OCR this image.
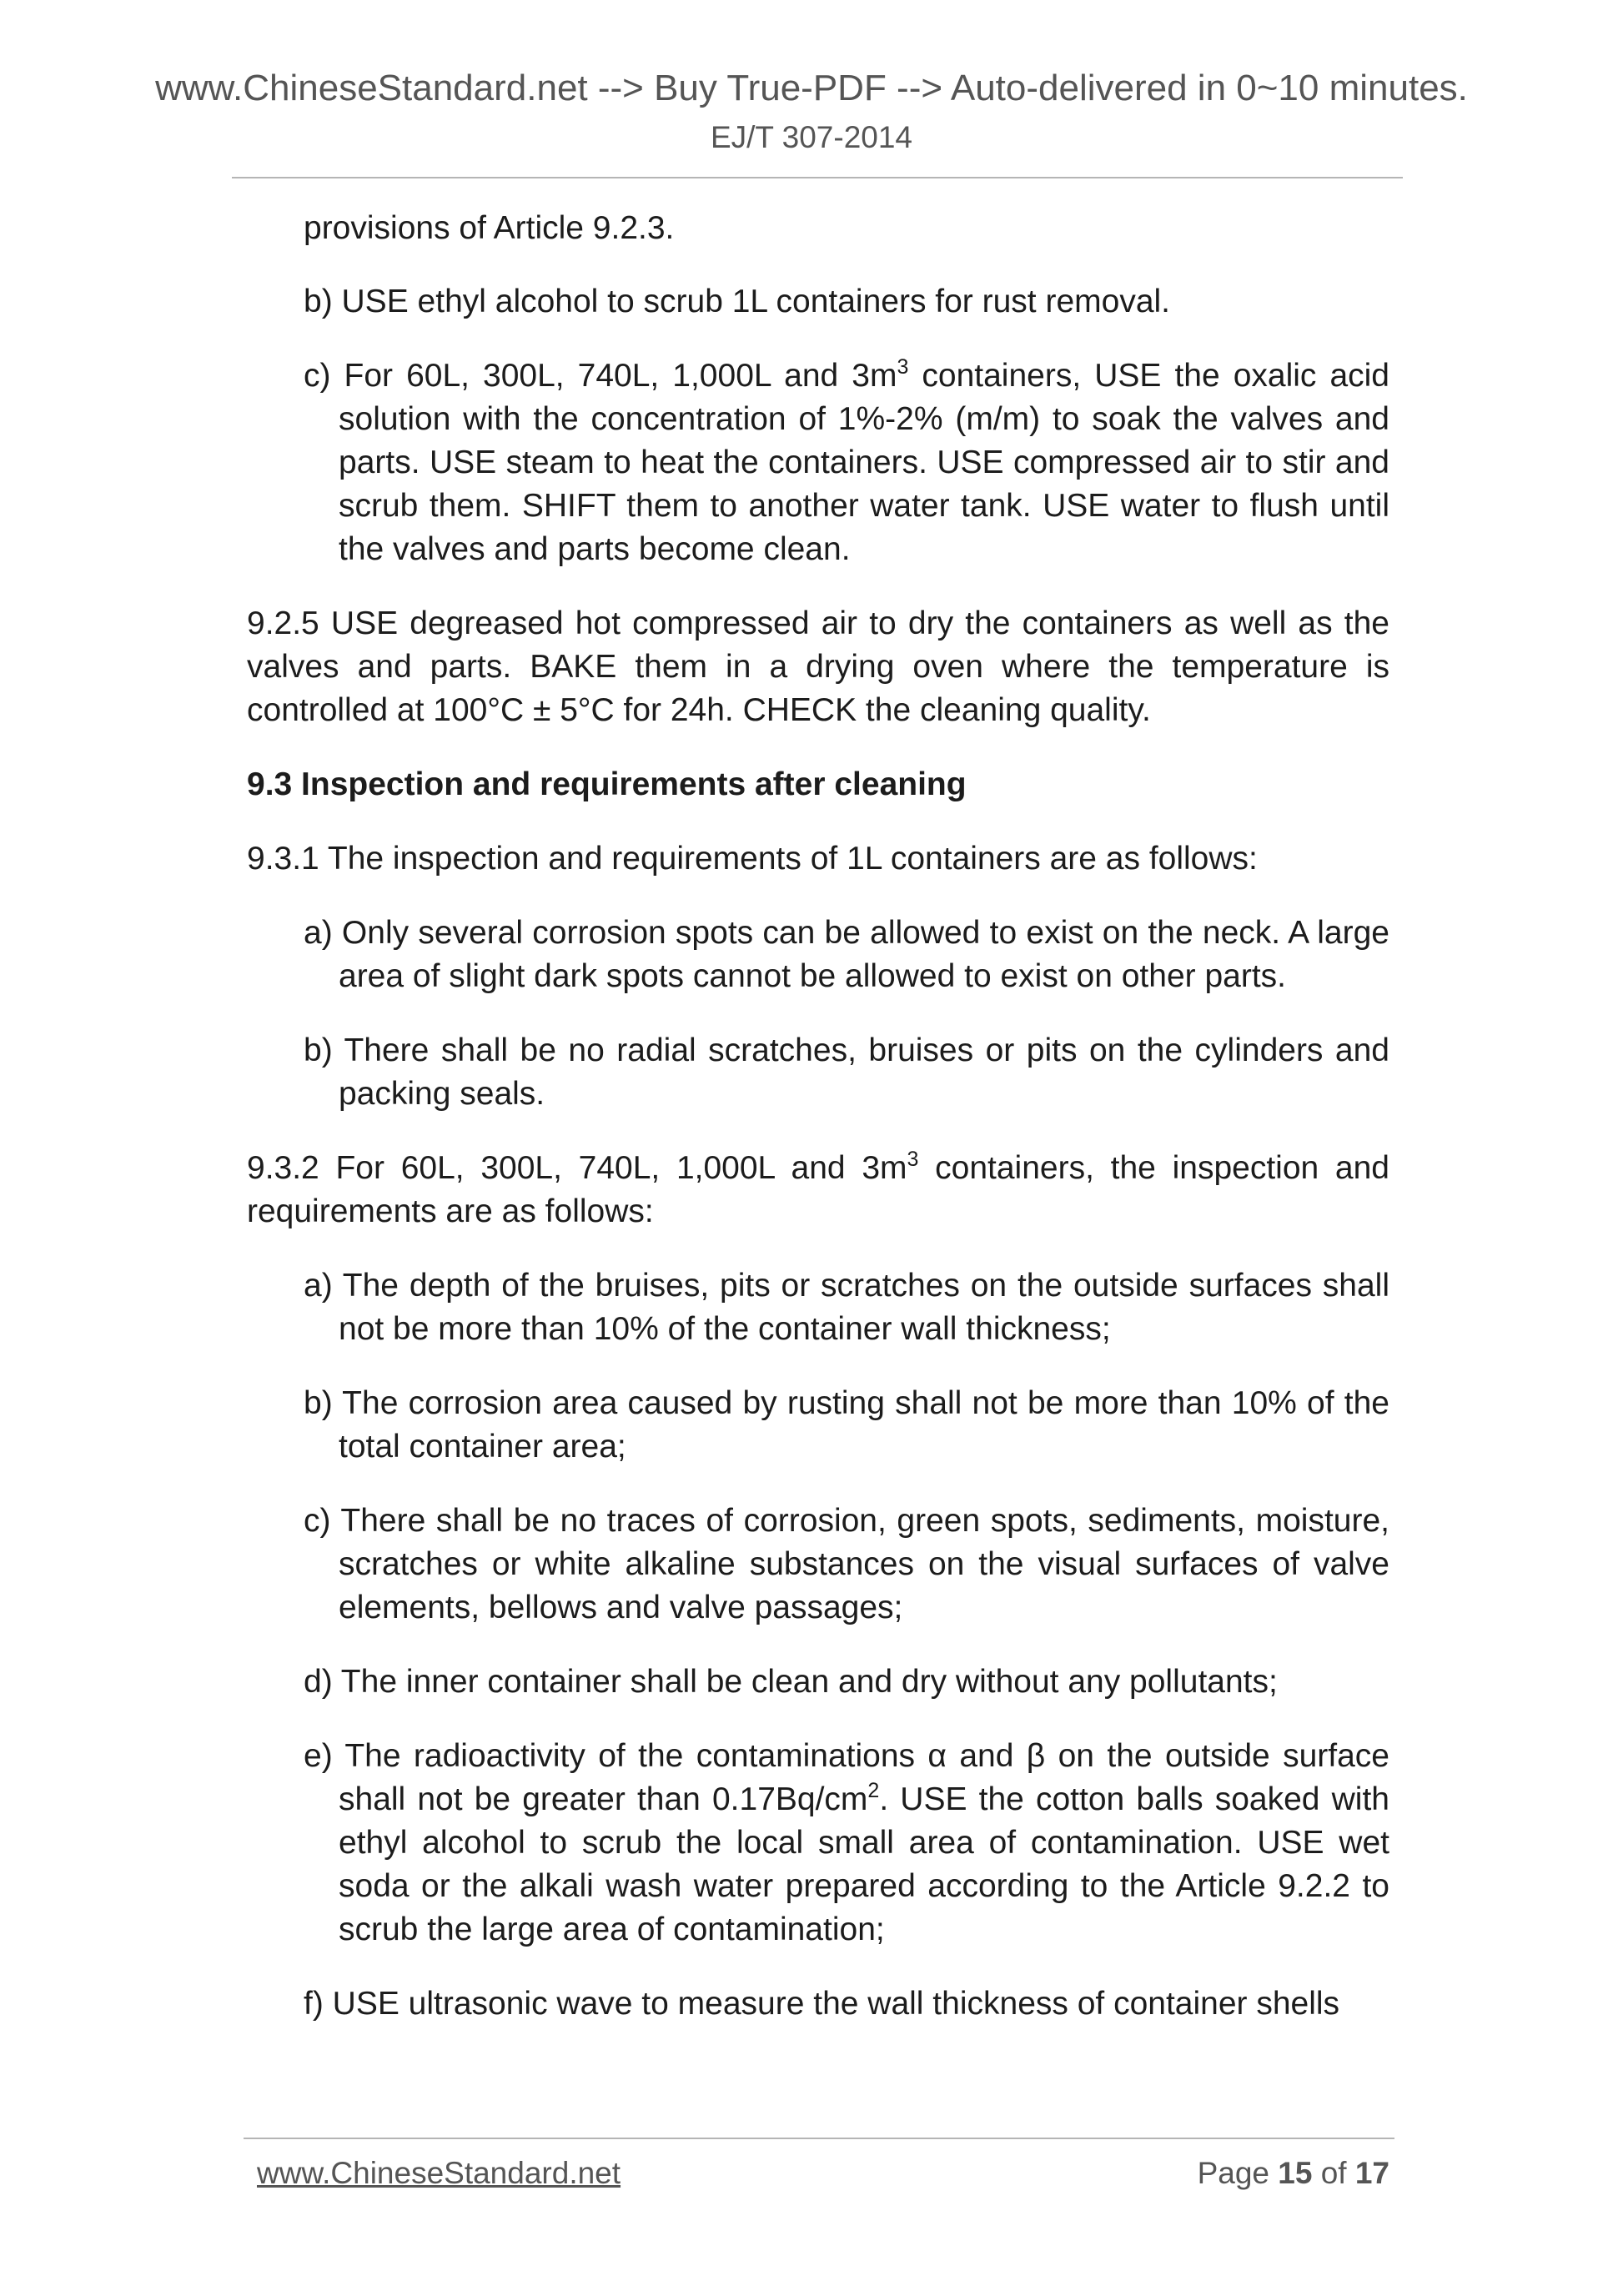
www.ChineseStandard.net --> Buy True-PDF --> Auto-delivered in 0~10 minutes.
EJ/T 307-2014

provisions of Article 9.2.3.

b) USE ethyl alcohol to scrub 1L containers for rust removal.

c) For 60L, 300L, 740L, 1,000L and $3m^3$ containers, USE the oxalic acid solution with the concentration of 1%-2% (m/m) to soak the valves and parts. USE steam to heat the containers. USE compressed air to stir and scrub them. SHIFT them to another water tank. USE water to flush until the valves and parts become clean.

9.2.5 USE degreased hot compressed air to dry the containers as well as the valves and parts. BAKE them in a drying oven where the temperature is controlled at 100°C ± 5°C for 24h. CHECK the cleaning quality.

9.3 Inspection and requirements after cleaning

9.3.1 The inspection and requirements of 1L containers are as follows:

a) Only several corrosion spots can be allowed to exist on the neck. A large area of slight dark spots cannot be allowed to exist on other parts.

b) There shall be no radial scratches, bruises or pits on the cylinders and packing seals.

9.3.2 For 60L, 300L, 740L, 1,000L and $3m^3$ containers, the inspection and requirements are as follows:

a) The depth of the bruises, pits or scratches on the outside surfaces shall not be more than 10% of the container wall thickness;

b) The corrosion area caused by rusting shall not be more than 10% of the total container area;

c) There shall be no traces of corrosion, green spots, sediments, moisture, scratches or white alkaline substances on the visual surfaces of valve elements, bellows and valve passages;

d) The inner container shall be clean and dry without any pollutants;

e) The radioactivity of the contaminations α and β on the outside surface shall not be greater than $0.17Bq/cm^2$. USE the cotton balls soaked with ethyl alcohol to scrub the local small area of contamination. USE wet soda or the alkali wash water prepared according to the Article 9.2.2 to scrub the large area of contamination;

f) USE ultrasonic wave to measure the wall thickness of container shells

www.ChineseStandard.net	Page 15 of 17
